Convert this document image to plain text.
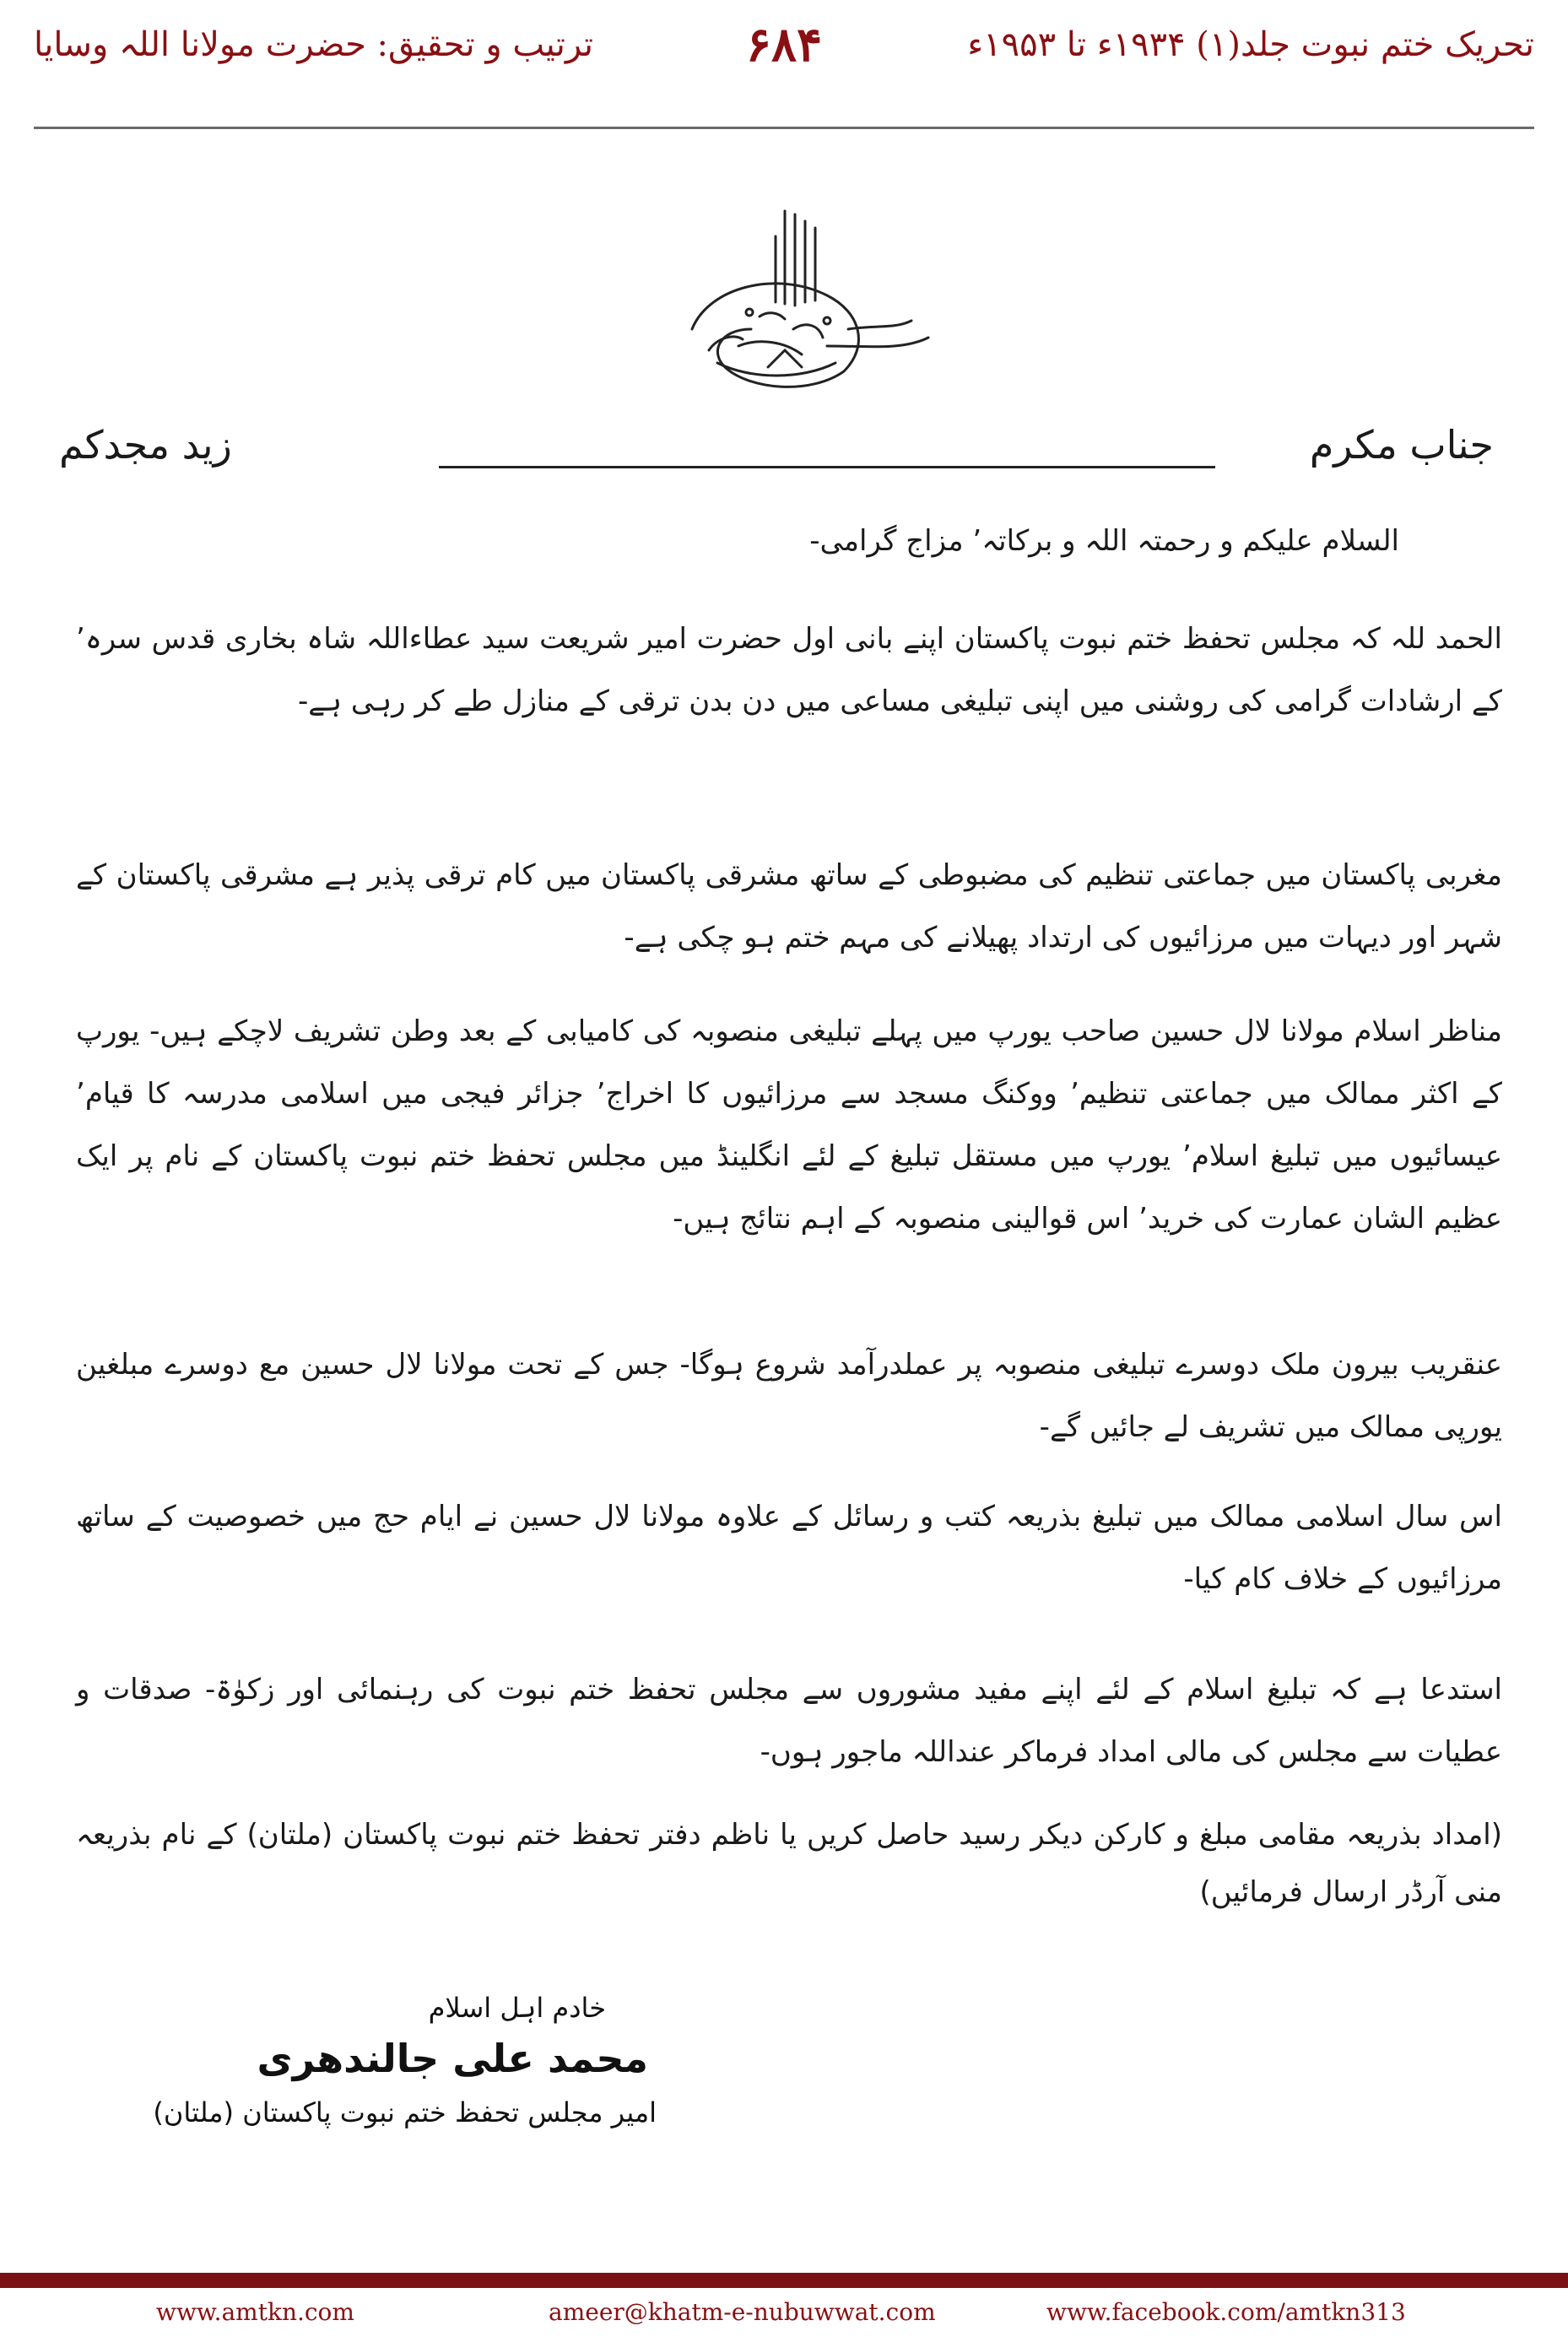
تحریک ختم نبوت جلد(۱) ۱۹۳۴ء تا ۱۹۵۳ء
۶۸۴
ترتیب و تحقیق: حضرت مولانا اللہ وسایا
جناب مکرم
زید مجدکم
السلام علیکم و رحمتہ اللہ و برکاتہ٬ مزاج گرامی-
الحمد للہ کہ مجلس تحفظ ختم نبوت پاکستان اپنے بانی اول حضرت امیر شریعت سید عطاءاللہ شاہ بخاری قدس سرہ٬ کے ارشادات گرامی کی روشنی میں اپنی تبلیغی مساعی میں دن بدن ترقی کے منازل طے کر رہی ہے-
مغربی پاکستان میں جماعتی تنظیم کی مضبوطی کے ساتھ مشرقی پاکستان میں کام ترقی پذیر ہے مشرقی پاکستان کے شہر اور دیہات میں مرزائیوں کی ارتداد پھیلانے کی مہم ختم ہو چکی ہے-
مناظر اسلام مولانا لال حسین صاحب یورپ میں پہلے تبلیغی منصوبہ کی کامیابی کے بعد وطن تشریف لاچکے ہیں- یورپ کے اکثر ممالک میں جماعتی تنظیم٬ ووکنگ مسجد سے مرزائیوں کا اخراج٬ جزائر فیجی میں اسلامی مدرسہ کا قیام٬ عیسائیوں میں تبلیغ اسلام٬ یورپ میں مستقل تبلیغ کے لئے انگلینڈ میں مجلس تحفظ ختم نبوت پاکستان کے نام پر ایک عظیم الشان عمارت کی خرید٬ اس قوالینی منصوبہ کے اہم نتائج ہیں-
عنقریب بیرون ملک دوسرے تبلیغی منصوبہ پر عملدرآمد شروع ہوگا- جس کے تحت مولانا لال حسین مع دوسرے مبلغین یورپی ممالک میں تشریف لے جائیں گے-
اس سال اسلامی ممالک میں تبلیغ بذریعہ کتب و رسائل کے علاوہ مولانا لال حسین نے ایام حج میں خصوصیت کے ساتھ مرزائیوں کے خلاف کام کیا-
استدعا ہے کہ تبلیغ اسلام کے لئے اپنے مفید مشوروں سے مجلس تحفظ ختم نبوت کی رہنمائی اور زکوٰۃ- صدقات و عطیات سے مجلس کی مالی امداد فرماکر عنداللہ ماجور ہوں-
(امداد بذریعہ مقامی مبلغ و کارکن دیکر رسید حاصل کریں یا ناظم دفتر تحفظ ختم نبوت پاکستان (ملتان) کے نام بذریعہ منی آرڈر ارسال فرمائیں)
خادم اہل اسلام
محمد علی جالندھری
امیر مجلس تحفظ ختم نبوت پاکستان (ملتان)
www.amtkn.com	ameer@khatm-e-nubuwwat.com	www.facebook.com/amtkn313
